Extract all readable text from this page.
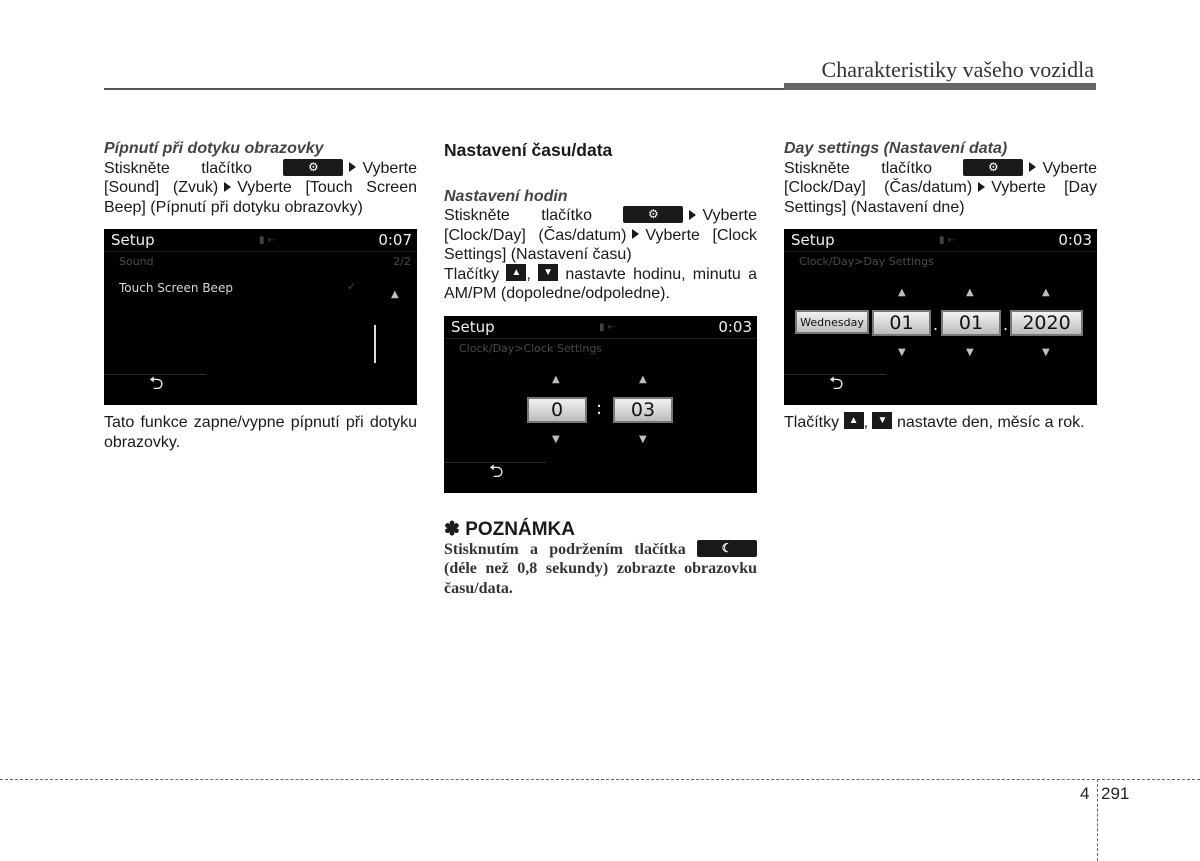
Charakteristiky vašeho vozidla
Pípnutí při dotyku obrazovky
Stiskněte tlačítko	⚙	Vyberte [Sound] (Zvuk) Vyberte [Touch Screen Beep] (Pípnutí při dotyku obrazovky)
Setup	▮ ⇠	0:07
Sound	2/2
Touch Screen Beep	✓
▲
⮌
Tato funkce zapne/vypne pípnutí při dotyku obrazovky.
Nastavení času/data
Nastavení hodin
Stiskněte tlačítko	⚙	Vyberte [Clock/Day] (Čas/datum) Vyberte [Clock Settings] (Nastavení času)
Tlačítky ▲ , ▼ nastavte hodinu, minutu a AM/PM (dopoledne/odpoledne).
Setup	▮ ⇠	0:03
Clock/Day>Clock Settings
▲	▲
0	:	03
▼	▼
⮌
✽ POZNÁMKA
Stisknutím a podržením tlačítka	☾ (déle než 0,8 sekundy) zobrazte obrazovku času/data.
Day settings (Nastavení data)
Stiskněte tlačítko	⚙	Vyberte [Clock/Day] (Čas/datum) Vyberte [Day Settings] (Nastavení dne)
Setup	▮ ⇠	0:03
Clock/Day>Day Settings
▲	▲	▲
Wednesday	01	.	01	. 2020
▼	▼	▼
⮌
Tlačítky ▲ , ▼ nastavte den, měsíc a rok.
4 291
